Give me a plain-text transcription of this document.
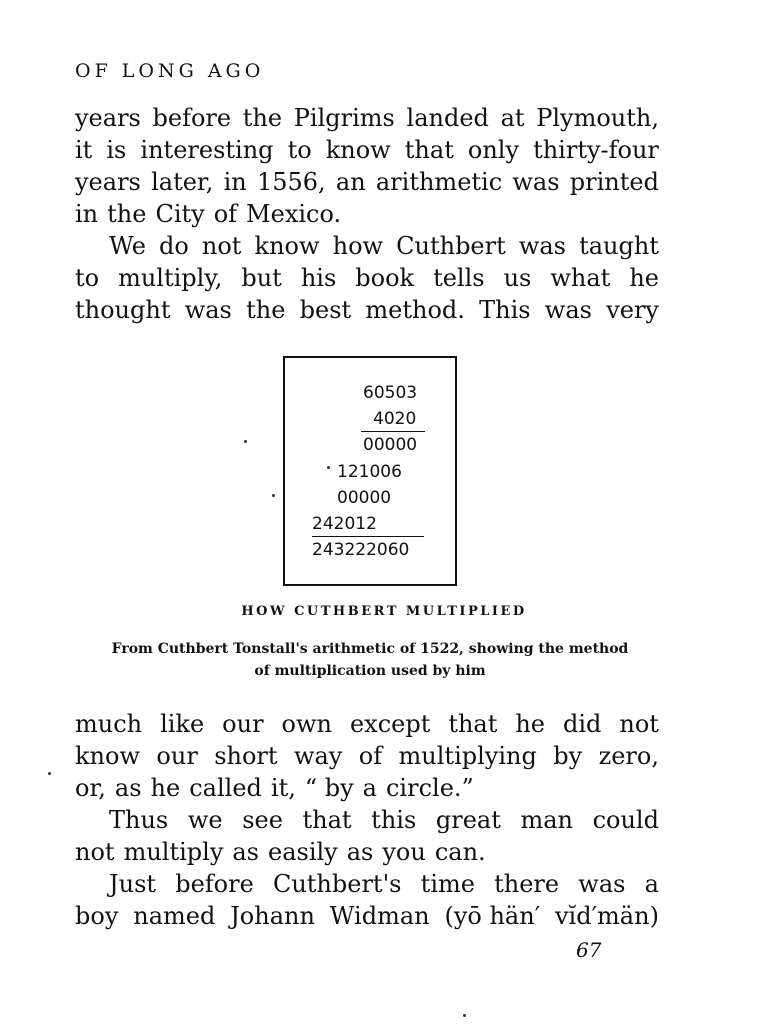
OF LONG AGO
years before the Pilgrims landed at Plymouth,
it is interesting to know that only thirty-four
years later, in 1556, an arithmetic was printed
in the City of Mexico.
We do not know how Cuthbert was taught
to multiply, but his book tells us what he
thought was the best method. This was very
60503
4020
00000
121006
00000
242012
243222060
HOW CUTHBERT MULTIPLIED
From Cuthbert Tonstall's arithmetic of 1522, showing the method
of multiplication used by him
much like our own except that he did not
know our short way of multiplying by zero,
or, as he called it, “ by a circle.”
Thus we see that this great man could
not multiply as easily as you can.
Just before Cuthbert's time there was a
boy named Johann Widman (yō hän′ vĭd′män)
67
